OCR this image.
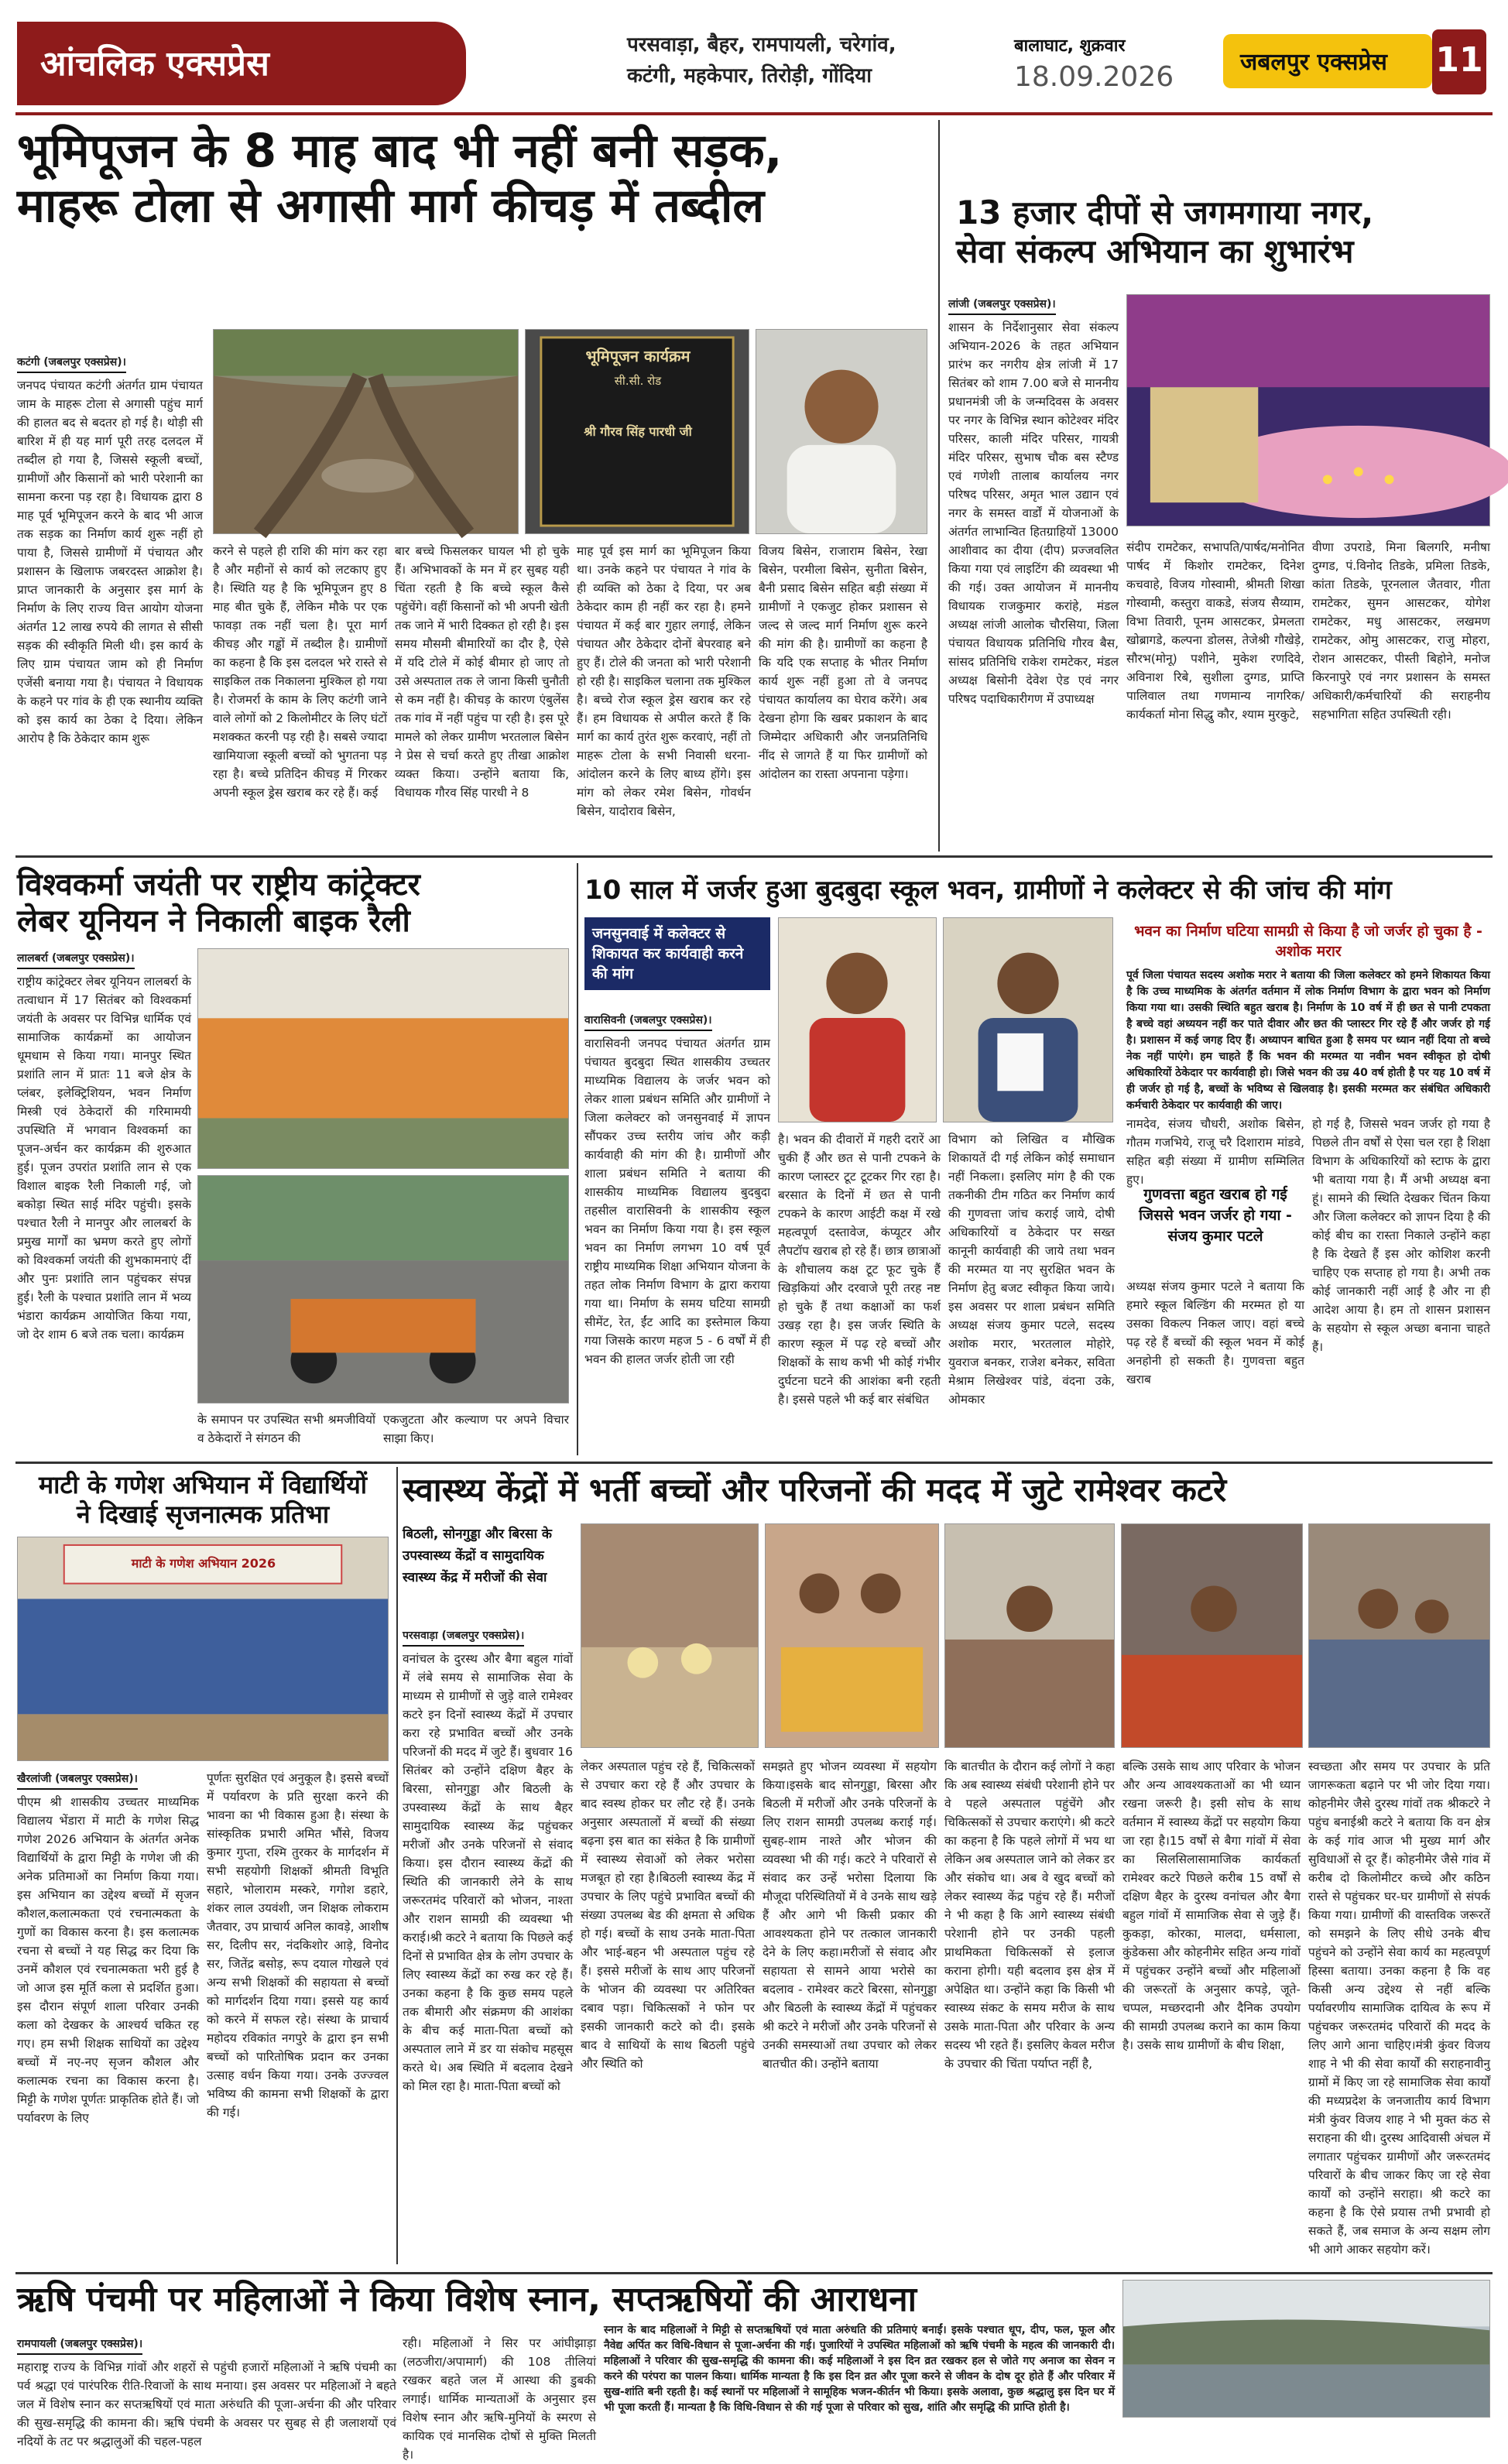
आंचलिक एक्सप्रेस	परसवाड़ा, बैहर, रामपायली, चरेगांव,
कटंगी, महकेपार, तिरोड़ी, गोंदिया
बालाघाट, शुक्रवार
18.09.2026	जबलपुर एक्सप्रेस	11
भूमिपूजन के 8 माह बाद भी नहीं बनी सड़क,
माहरू टोला से अगासी मार्ग कीचड़ में तब्दील
कटंगी (जबलपुर एक्सप्रेस)।
जनपद पंचायत कटंगी अंतर्गत ग्राम पंचायत जाम के माहरू टोला से अगासी पहुंच मार्ग की हालत बद से बदतर हो गई है। थोड़ी सी बारिश में ही यह मार्ग पूरी तरह दलदल में तब्दील हो गया है, जिससे स्कूली बच्चों, ग्रामीणों और किसानों को भारी परेशानी का सामना करना पड़ रहा है। विधायक द्वारा 8 माह पूर्व भूमिपूजन करने के बाद भी आज तक सड़क का निर्माण कार्य शुरू नहीं हो पाया है, जिससे ग्रामीणों में पंचायत और प्रशासन के खिलाफ जबरदस्त आक्रोश है। प्राप्त जानकारी के अनुसार इस मार्ग के निर्माण के लिए राज्य वित्त आयोग योजना अंतर्गत 12 लाख रुपये की लागत से सीसी सड़क की स्वीकृति मिली थी। इस कार्य के लिए ग्राम पंचायत जाम को ही निर्माण एजेंसी बनाया गया है। पंचायत ने विधायक के कहने पर गांव के ही एक स्थानीय व्यक्ति को इस कार्य का ठेका दे दिया। लेकिन आरोप है कि ठेकेदार काम शुरू
भूमिपूजन कार्यक्रम
सी.सी. रोड
श्री गौरव सिंह पारधी जी
करने से पहले ही राशि की मांग कर रहा है और महीनों से कार्य को लटकाए हुए है। स्थिति यह है कि भूमिपूजन हुए 8 माह बीत चुके हैं, लेकिन मौके पर एक फावड़ा तक नहीं चला है। पूरा मार्ग कीचड़ और गड्ढों में तब्दील है। ग्रामीणों का कहना है कि इस दलदल भरे रास्ते से साइकिल तक निकालना मुश्किल हो गया है। रोजमर्रा के काम के लिए कटंगी जाने वाले लोगों को 2 किलोमीटर के लिए घंटों मशक्कत करनी पड़ रही है। सबसे ज्यादा खामियाजा स्कूली बच्चों को भुगतना पड़ रहा है। बच्चे प्रतिदिन कीचड़ में गिरकर अपनी स्कूल ड्रेस खराब कर रहे हैं। कई
बार बच्चे फिसलकर घायल भी हो चुके हैं। अभिभावकों के मन में हर सुबह यही चिंता रहती है कि बच्चे स्कूल कैसे पहुंचेंगे। वहीं किसानों को भी अपनी खेती तक जाने में भारी दिक्कत हो रही है। इस समय मौसमी बीमारियों का दौर है, ऐसे में यदि टोले में कोई बीमार हो जाए तो उसे अस्पताल तक ले जाना किसी चुनौती से कम नहीं है। कीचड़ के कारण एंबुलेंस तक गांव में नहीं पहुंच पा रही है। इस पूरे मामले को लेकर ग्रामीण भरतलाल बिसेन ने प्रेस से चर्चा करते हुए तीखा आक्रोश व्यक्त किया। उन्होंने बताया कि, विधायक गौरव सिंह पारधी ने 8
माह पूर्व इस मार्ग का भूमिपूजन किया था। उनके कहने पर पंचायत ने गांव के ही व्यक्ति को ठेका दे दिया, पर अब ठेकेदार काम ही नहीं कर रहा है। हमने पंचायत में कई बार गुहार लगाई, लेकिन पंचायत और ठेकेदार दोनों बेपरवाह बने हुए हैं। टोले की जनता को भारी परेशानी हो रही है। साइकिल चलाना तक मुश्किल है। बच्चे रोज स्कूल ड्रेस खराब कर रहे हैं। हम विधायक से अपील करते हैं कि मार्ग का कार्य तुरंत शुरू करवाएं, नहीं तो माहरू टोला के सभी निवासी धरना-आंदोलन करने के लिए बाध्य होंगे। इस मांग को लेकर रमेश बिसेन, गोवर्धन बिसेन, यादोराव बिसेन,
विजय बिसेन, राजाराम बिसेन, रेखा बिसेन, परमीला बिसेन, सुनीता बिसेन, बैनी प्रसाद बिसेन सहित बड़ी संख्या में ग्रामीणों ने एकजुट होकर प्रशासन से जल्द से जल्द मार्ग निर्माण शुरू करने की मांग की है। ग्रामीणों का कहना है कि यदि एक सप्ताह के भीतर निर्माण कार्य शुरू नहीं हुआ तो वे जनपद पंचायत कार्यालय का घेराव करेंगे। अब देखना होगा कि खबर प्रकाशन के बाद जिम्मेदार अधिकारी और जनप्रतिनिधि नींद से जागते हैं या फिर ग्रामीणों को आंदोलन का रास्ता अपनाना पड़ेगा।
13 हजार दीपों से जगमगाया नगर,
सेवा संकल्प अभियान का शुभारंभ
लांजी (जबलपुर एक्सप्रेस)।
शासन के निर्देशानुसार सेवा संकल्प अभियान-2026 के तहत अभियान प्रारंभ कर नगरीय क्षेत्र लांजी में 17 सितंबर को शाम 7.00 बजे से माननीय प्रधानमंत्री जी के जन्मदिवस के अवसर पर नगर के विभिन्न स्थान कोटेश्वर मंदिर परिसर, काली मंदिर परिसर, गायत्री मंदिर परिसर, सुभाष चौक बस स्टैण्ड एवं गणेशी तालाब कार्यालय नगर परिषद परिसर, अमृत भाल उद्यान एवं नगर के समस्त वार्डों में योजनाओं के अंतर्गत लाभान्वित हितग्राहियों 13000 आशीवाद का दीया (दीप) प्रज्जवलित किया गया एवं लाइटिंग की व्यवस्था भी की गई। उक्त आयोजन में माननीय विधायक राजकुमार करांहे, मंडल अध्यक्ष लांजी आलोक चौरसिया, जिला पंचायत विधायक प्रतिनिधि गौरव बैस, सांसद प्रतिनिधि राकेश रामटेकर, मंडल अध्यक्ष बिसोनी देवेश ऐड एवं नगर परिषद पदाधिकारीगण में उपाध्यक्ष
संदीप रामटेकर, सभापति/पार्षद/मनोनित पार्षद में किशोर रामटेकर, दिनेश कचवाहे, विजय गोस्वामी, श्रीमती शिखा गोस्वामी, कस्तुरा वाकडे, संजय सैय्याम, विभा तिवारी, पूनम आसटकर, प्रेमलता खोब्रागडे, कल्पना डोलस, तेजेश्री गौखेड़े, सौरभ(मोनू) पशीने, मुकेश रणदिवे, अविनाश रिबे, सुशीला दुग्गड, प्राप्ति पालिवाल तथा गणमान्य नागरिक/कार्यकर्ता मोना सिद्धु कौर, श्याम मुरकुटे,
वीणा उपराडे, मिना बिलगरि, मनीषा दुग्गड, पं.विनोद तिडके, प्रमिला तिडके, कांता तिडके, पूरनलाल जैतवार, गीता रामटेकर, सुमन आसटकर, योगेश रामटेकर, मधु आसटकर, लखमण रामटेकर, ओमु आसटकर, राजु मोहरा, रोशन आसटकर, पीस्ती बिहोने, मनोज किरनापुरे एवं नगर प्रशासन के समस्त अधिकारी/कर्मचारियों की सराहनीय सहभागिता सहित उपस्थिती रही।
विश्वकर्मा जयंती पर राष्ट्रीय कांट्रेक्टर
लेबर यूनियन ने निकाली बाइक रैली
लालबर्रा (जबलपुर एक्सप्रेस)।
राष्ट्रीय कांट्रेक्टर लेबर यूनियन लालबर्रा के तत्वाधान में 17 सितंबर को विश्वकर्मा जयंती के अवसर पर विभिन्न धार्मिक एवं सामाजिक कार्यक्रमों का आयोजन धूमधाम से किया गया। मानपुर स्थित प्रशांति लान में प्रातः 11 बजे क्षेत्र के प्लंबर, इलेक्ट्रिशियन, भवन निर्माण मिस्त्री एवं ठेकेदारों की गरिमामयी उपस्थिति में भगवान विश्वकर्मा का पूजन-अर्चन कर कार्यक्रम की शुरुआत हुई। पूजन उपरांत प्रशांति लान से एक विशाल बाइक रैली निकाली गई, जो बकोड़ा स्थित साई मंदिर पहुंची। इसके पश्चात रैली ने मानपुर और लालबर्रा के प्रमुख मार्गों का भ्रमण करते हुए लोगों को विश्वकर्मा जयंती की शुभकामनाएं दीं और पुनः प्रशांति लान पहुंचकर संपन्न हुई। रैली के पश्चात प्रशांति लान में भव्य भंडारा कार्यक्रम आयोजित किया गया, जो देर शाम 6 बजे तक चला। कार्यक्रम
के समापन पर उपस्थित सभी श्रमजीवियों व ठेकेदारों ने संगठन की
एकजुटता और कल्याण पर अपने विचार साझा किए।
10 साल में जर्जर हुआ बुदबुदा स्कूल भवन, ग्रामीणों ने कलेक्टर से की जांच की मांग
जनसुनवाई में कलेक्टर से शिकायत कर कार्यवाही करने की मांग
वारासिवनी (जबलपुर एक्सप्रेस)।
वारासिवनी जनपद पंचायत अंतर्गत ग्राम पंचायत बुदबुदा स्थित शासकीय उच्चतर माध्यमिक विद्यालय के जर्जर भवन को लेकर शाला प्रबंधन समिति और ग्रामीणों ने जिला कलेक्टर को जनसुनवाई में ज्ञापन सौंपकर उच्च स्तरीय जांच और कड़ी कार्यवाही की मांग की है। ग्रामीणों और शाला प्रबंधन समिति ने बताया की शासकीय माध्यमिक विद्यालय बुदबुदा तहसील वारासिवनी के शासकीय स्कूल भवन का निर्माण किया गया है। इस स्कूल भवन का निर्माण लगभग 10 वर्ष पूर्व राष्ट्रीय माध्यमिक शिक्षा अभियान योजना के तहत लोक निर्माण विभाग के द्वारा कराया गया था। निर्माण के समय घटिया सामग्री सीमेंट, रेत, ईंट आदि का इस्तेमाल किया गया जिसके कारण महज 5 - 6 वर्षों में ही भवन की हालत जर्जर होती जा रही
है। भवन की दीवारों में गहरी दरारें आ चुकी हैं और छत से पानी टपकने के कारण प्लास्टर टूट टूटकर गिर रहा है। बरसात के दिनों में छत से पानी टपकने के कारण आईटी कक्ष में रखे महत्वपूर्ण दस्तावेज, कंप्यूटर और लैपटॉप खराब हो रहे हैं। छात्र छात्राओं के शौचालय कक्ष टूट फूट चुके हैं खिड़कियां और दरवाजे पूरी तरह नष्ट हो चुके हैं तथा कक्षाओं का फर्श उखड़ रहा है। इस जर्जर स्थिति के कारण स्कूल में पढ़ रहे बच्चों और शिक्षकों के साथ कभी भी कोई गंभीर दुर्घटना घटने की आशंका बनी रहती है। इससे पहले भी कई बार संबंधित
विभाग को लिखित व मौखिक शिकायतें दी गई लेकिन कोई समाधान नहीं निकला। इसलिए मांग है की एक तकनीकी टीम गठित कर निर्माण कार्य की गुणवत्ता जांच कराई जाये, दोषी अधिकारियों व ठेकेदार पर सख्त कानूनी कार्यवाही की जाये तथा भवन की मरम्मत या नए सुरक्षित भवन के निर्माण हेतु बजट स्वीकृत किया जाये। इस अवसर पर शाला प्रबंधन समिति अध्यक्ष संजय कुमार पटले, सदस्य अशोक मरार, भरतलाल मोहोरे, युवराज बनकर, राजेश बनेकर, सविता मेश्राम लिखेश्वर पांडे, वंदना उके, ओमकार
भवन का निर्माण घटिया सामग्री से किया है जो जर्जर हो चुका है - अशोक मरार
पूर्व जिला पंचायत सदस्य अशोक मरार ने बताया की जिला कलेक्टर को हमने शिकायत किया है कि उच्च माध्यमिक के अंतर्गत वर्तमान में लोक निर्माण विभाग के द्वारा भवन को निर्माण किया गया था। उसकी स्थिति बहुत खराब है। निर्माण के 10 वर्ष में ही छत से पानी टपकता है बच्चे वहां अध्ययन नहीं कर पाते दीवार और छत की प्लास्टर गिर रहे हैं और जर्जर हो गई है। प्रशासन में कई जगह दिए हैं। अध्यापन बाधित हुआ है समय पर ध्यान नहीं दिया तो बच्चे नेक नहीं पाएंगे। हम चाहते हैं कि भवन की मरम्मत या नवीन भवन स्वीकृत हो दोषी अधिकारियों ठेकेदार पर कार्यवाही हो। जिसे भवन की उम्र 40 वर्ष होती है पर यह 10 वर्ष में ही जर्जर हो गई है, बच्चों के भविष्य से खिलवाड़ है। इसकी मरम्मत कर संबंधित अधिकारी कर्मचारी ठेकेदार पर कार्यवाही की जाए।
नामदेव, संजय चौधरी, अशोक बिसेन, गौतम गजभिये, राजू चरै दिशाराम मांडवे, सहित बड़ी संख्या में ग्रामीण सम्मिलित हुए।
गुणवत्ता बहुत खराब हो गई जिससे भवन जर्जर हो गया - संजय कुमार पटले
अध्यक्ष संजय कुमार पटले ने बताया कि हमारे स्कूल बिल्डिंग की मरम्मत हो या उसका विकल्प निकल जाए। वहां बच्चे पढ़ रहे हैं बच्चों की स्कूल भवन में कोई अनहोनी हो सकती है। गुणवत्ता बहुत खराब
हो गई है, जिससे भवन जर्जर हो गया है पिछले तीन वर्षों से ऐसा चल रहा है शिक्षा विभाग के अधिकारियों को स्टाफ के द्वारा भी बताया गया है। मैं अभी अध्यक्ष बना हूं। सामने की स्थिति देखकर चिंतन किया और जिला कलेक्टर को ज्ञापन दिया है की कोई बीच का रास्ता निकाले उन्होंने कहा है कि देखते हैं इस ओर कोशिश करनी चाहिए एक सप्ताह हो गया है। अभी तक कोई जानकारी नहीं आई है और ना ही आदेश आया है। हम तो शासन प्रशासन के सहयोग से स्कूल अच्छा बनाना चाहते हैं।
माटी के गणेश अभियान में विद्यार्थियों
ने दिखाई सृजनात्मक प्रतिभा
माटी के गणेश अभियान 2026
खैरलांजी (जबलपुर एक्सप्रेस)।
पीएम श्री शासकीय उच्चतर माध्यमिक विद्यालय भेंडारा में माटी के गणेश सिद्ध गणेश 2026 अभियान के अंतर्गत अनेक विद्यार्थियों के द्वारा मिट्टी के गणेश जी की अनेक प्रतिमाओं का निर्माण किया गया। इस अभियान का उद्देश्य बच्चों में सृजन कौशल,कलात्मकता एवं रचनात्मकता के गुणों का विकास करना है। इस कलात्मक रचना से बच्चों ने यह सिद्ध कर दिया कि उनमें कौशल एवं रचनात्मकता भरी हुई है जो आज इस मूर्ति कला से प्रदर्शित हुआ। इस दौरान संपूर्ण शाला परिवार उनकी कला को देखकर के आश्चर्य चकित रह गए। हम सभी शिक्षक साथियों का उद्देश्य बच्चों में नए-नए सृजन कौशल और कलात्मक रचना का विकास करना है। मिट्टी के गणेश पूर्णतः प्राकृतिक होते हैं। जो पर्यावरण के लिए
पूर्णतः सुरक्षित एवं अनुकूल है। इससे बच्चों में पर्यावरण के प्रति सुरक्षा करने की भावना का भी विकास हुआ है। संस्था के सांस्कृतिक प्रभारी अमित भौंसे, विजय कुमार गुप्ता, रश्मि तुरकर के मार्गदर्शन में सभी सहयोगी शिक्षकों श्रीमती विभूति सहारे, भोलाराम मस्करे, गगोश डहारे, शंकर लाल उयवंशी, जन शिक्षक लोकराम जैतवार, उप प्राचार्य अनिल कावड़े, आशीष सर, दिलीप सर, नंदकिशोर आड़े, विनोद सर, जितेंद्र बसोड़, रूप दयाल गोखले एवं अन्य सभी शिक्षकों की सहायता से बच्चों को मार्गदर्शन दिया गया। इससे यह कार्य को करने में सफल रहे। संस्था के प्राचार्य महोदय रविकांत नगपुरे के द्वारा इन सभी बच्चों को पारितोषिक प्रदान कर उनका उत्साह वर्धन किया गया। उनके उज्ज्वल भविष्य की कामना सभी शिक्षकों के द्वारा की गई।
स्वास्थ्य केंद्रों में भर्ती बच्चों और परिजनों की मदद में जुटे रामेश्वर कटरे
बिठली, सोनगुड्डा और बिरसा के उपस्वास्थ्य केंद्रों व सामुदायिक स्वास्थ्य केंद्र में मरीजों की सेवा
परसवाड़ा (जबलपुर एक्सप्रेस)।
वनांचल के दुरस्थ और बैगा बहुल गांवों में लंबे समय से सामाजिक सेवा के माध्यम से ग्रामीणों से जुड़े वाले रामेश्वर कटरे इन दिनों स्वास्थ्य केंद्रों में उपचार करा रहे प्रभावित बच्चों और उनके परिजनों की मदद में जुटे हैं। बुधवार 16 सितंबर को उन्होंने दक्षिण बैहर के बिरसा, सोनगुड्डा और बिठली के उपस्वास्थ्य केंद्रों के साथ बैहर सामुदायिक स्वास्थ्य केंद्र पहुंचकर मरीजों और उनके परिजनों से संवाद किया। इस दौरान स्वास्थ्य केंद्रों की स्थिति की जानकारी लेने के साथ जरूरतमंद परिवारों को भोजन, नाश्ता और राशन सामग्री की व्यवस्था भी कराई।श्री कटरे ने बताया कि पिछले कई दिनों से प्रभावित क्षेत्र के लोग उपचार के लिए स्वास्थ्य केंद्रों का रुख कर रहे हैं। उनका कहना है कि कुछ समय पहले तक बीमारी और संक्रमण की आशंका के बीच कई माता-पिता बच्चों को अस्पताल लाने में डर या संकोच महसूस करते थे। अब स्थिति में बदलाव देखने को मिल रहा है। माता-पिता बच्चों को
लेकर अस्पताल पहुंच रहे हैं, चिकित्सकों से उपचार करा रहे हैं और उपचार के बाद स्वस्थ होकर घर लौट रहे हैं। उनके अनुसार अस्पतालों में बच्चों की संख्या बढ़ना इस बात का संकेत है कि ग्रामीणों में स्वास्थ्य सेवाओं को लेकर भरोसा मजबूत हो रहा है।बिठली स्वास्थ्य केंद्र में उपचार के लिए पहुंचे प्रभावित बच्चों की संख्या उपलब्ध बेड की क्षमता से अधिक हो गई। बच्चों के साथ उनके माता-पिता और भाई-बहन भी अस्पताल पहुंच रहे हैं। इससे मरीजों के साथ आए परिजनों के भोजन की व्यवस्था पर अतिरिक्त दबाव पड़ा। चिकित्सकों ने फोन पर इसकी जानकारी कटरे को दी। इसके बाद वे साथियों के साथ बिठली पहुंचे और स्थिति को
समझते हुए भोजन व्यवस्था में सहयोग किया।इसके बाद सोनगुड्डा, बिरसा और बिठली में मरीजों और उनके परिजनों के लिए राशन सामग्री उपलब्ध कराई गई। सुबह-शाम नाश्ते और भोजन की व्यवस्था भी की गई। कटरे ने परिवारों से संवाद कर उन्हें भरोसा दिलाया कि मौजूदा परिस्थितियों में वे उनके साथ खड़े हैं और आगे भी किसी प्रकार की आवश्यकता होने पर तत्काल जानकारी देने के लिए कहा।मरीजों से संवाद और सहायता से सामने आया भरोसे का बदलाव - रामेश्वर कटरे बिरसा, सोनगुड्डा और बिठली के स्वास्थ्य केंद्रों में पहुंचकर श्री कटरे ने मरीजों और उनके परिजनों से उनकी समस्याओं तथा उपचार को लेकर बातचीत की। उन्होंने बताया
कि बातचीत के दौरान कई लोगों ने कहा कि अब स्वास्थ्य संबंधी परेशानी होने पर वे पहले अस्पताल पहुंचेंगे और चिकित्सकों से उपचार कराएंगे। श्री कटरे का कहना है कि पहले लोगों में भय था लेकिन अब अस्पताल जाने को लेकर डर और संकोच था। अब वे खुद बच्चों को लेकर स्वास्थ्य केंद्र पहुंच रहे हैं। मरीजों ने भी कहा है कि आगे स्वास्थ्य संबंधी परेशानी होने पर उनकी पहली प्राथमिकता चिकित्सकों से इलाज कराना होगी। यही बदलाव इस क्षेत्र में अपेक्षित था। उन्होंने कहा कि किसी भी स्वास्थ्य संकट के समय मरीज के साथ उसके माता-पिता और परिवार के अन्य सदस्य भी रहते हैं। इसलिए केवल मरीज के उपचार की चिंता पर्याप्त नहीं है,
बल्कि उसके साथ आए परिवार के भोजन और अन्य आवश्यकताओं का भी ध्यान रखना जरूरी है। इसी सोच के साथ वर्तमान में स्वास्थ्य केंद्रों पर सहयोग किया जा रहा है।15 वर्षों से बैगा गांवों में सेवा का सिलसिलासामाजिक कार्यकर्ता रामेश्वर कटरे पिछले करीब 15 वर्षों से दक्षिण बैहर के दुरस्थ वनांचल और बैगा बहुल गांवों में सामाजिक सेवा से जुड़े हैं। कुकड़ा, कोरका, मालदा, धर्मसाला, कुंडेकसा और कोहनीमेर सहित अन्य गांवों में पहुंचकर उन्होंने बच्चों और महिलाओं की जरूरतों के अनुसार कपड़े, जूते-चप्पल, मच्छरदानी और दैनिक उपयोग की सामग्री उपलब्ध कराने का काम किया है। उसके साथ ग्रामीणों के बीच शिक्षा,
स्वच्छता और समय पर उपचार के प्रति जागरूकता बढ़ाने पर भी जोर दिया गया।कोहनीमेर जैसे दुरस्थ गांवों तक श्रीकटरे ने पहुंच बनाईश्री कटरे ने बताया कि वन क्षेत्र के कई गांव आज भी मुख्य मार्ग और सुविधाओं से दूर हैं। कोहनीमेर जैसे गांव में करीब दो किलोमीटर कच्चे और कठिन रास्ते से पहुंचकर घर-घर ग्रामीणों से संपर्क किया गया। ग्रामीणों की वास्तविक जरूरतें को समझने के लिए सीधे उनके बीच पहुंचने को उन्होंने सेवा कार्य का महत्वपूर्ण हिस्सा बताया। उनका कहना है कि वह किसी अन्य उद्देश्य से नहीं बल्कि पर्यावरणीय सामाजिक दायित्व के रूप में पहुंचकर जरूरतमंद परिवारों की मदद के लिए आगे आना चाहिए।मंत्री कुंवर विजय शाह ने भी की सेवा कार्यों की सराहनावीनु ग्रामों में किए जा रहे सामाजिक सेवा कार्यों की मध्यप्रदेश के जनजातीय कार्य विभाग मंत्री कुंवर विजय शाह ने भी मुक्त कंठ से सराहना की थी। दुरस्थ आदिवासी अंचल में लगातार पहुंचकर ग्रामीणों और जरूरतमंद परिवारों के बीच जाकर किए जा रहे सेवा कार्यों को उन्होंने सराहा। श्री कटरे का कहना है कि ऐसे प्रयास तभी प्रभावी हो सकते हैं, जब समाज के अन्य सक्षम लोग भी आगे आकर सहयोग करें।
ऋषि पंचमी पर महिलाओं ने किया विशेष स्नान, सप्तऋषियों की आराधना
रामपायली (जबलपुर एक्सप्रेस)।
महाराष्ट्र राज्य के विभिन्न गांवों और शहरों से पहुंची हजारों महिलाओं ने ऋषि पंचमी का पर्व श्रद्धा एवं पारंपरिक रीति-रिवाजों के साथ मनाया। इस अवसर पर महिलाओं ने बहते जल में विशेष स्नान कर सप्तऋषियों एवं माता अरुंधति की पूजा-अर्चना की और परिवार की सुख-समृद्धि की कामना की। ऋषि पंचमी के अवसर पर सुबह से ही जलाशयों एवं नदियों के तट पर श्रद्धालुओं की चहल-पहल
रही। महिलाओं ने सिर पर आंघीझाड़ा (लठजीरा/अपामार्ग) की 108 तीलियां रखकर बहते जल में आस्था की डुबकी लगाई। धार्मिक मान्यताओं के अनुसार इस विशेष स्नान और ऋषि-मुनियों के स्मरण से कायिक एवं मानसिक दोषों से मुक्ति मिलती है।
स्नान के बाद महिलाओं ने मिट्टी से सप्तऋषियों एवं माता अरुंधति की प्रतिमाएं बनाईं। इसके पश्चात धूप, दीप, फल, फूल और नैवेद्य अर्पित कर विधि-विधान से पूजा-अर्चना की गई। पुजारियों ने उपस्थित महिलाओं को ऋषि पंचमी के महत्व की जानकारी दी। महिलाओं ने परिवार की सुख-समृद्धि की कामना की। कई महिलाओं ने इस दिन व्रत रखकर हल से जोते गए अनाज का सेवन न करने की परंपरा का पालन किया। धार्मिक मान्यता है कि इस दिन व्रत और पूजा करने से जीवन के दोष दूर होते हैं और परिवार में सुख-शांति बनी रहती है। कई स्थानों पर महिलाओं ने सामूहिक भजन-कीर्तन भी किया। इसके अलावा, कुछ श्रद्धालु इस दिन घर में भी पूजा करती हैं। मान्यता है कि विधि-विधान से की गई पूजा से परिवार को सुख, शांति और समृद्धि की प्राप्ति होती है।
